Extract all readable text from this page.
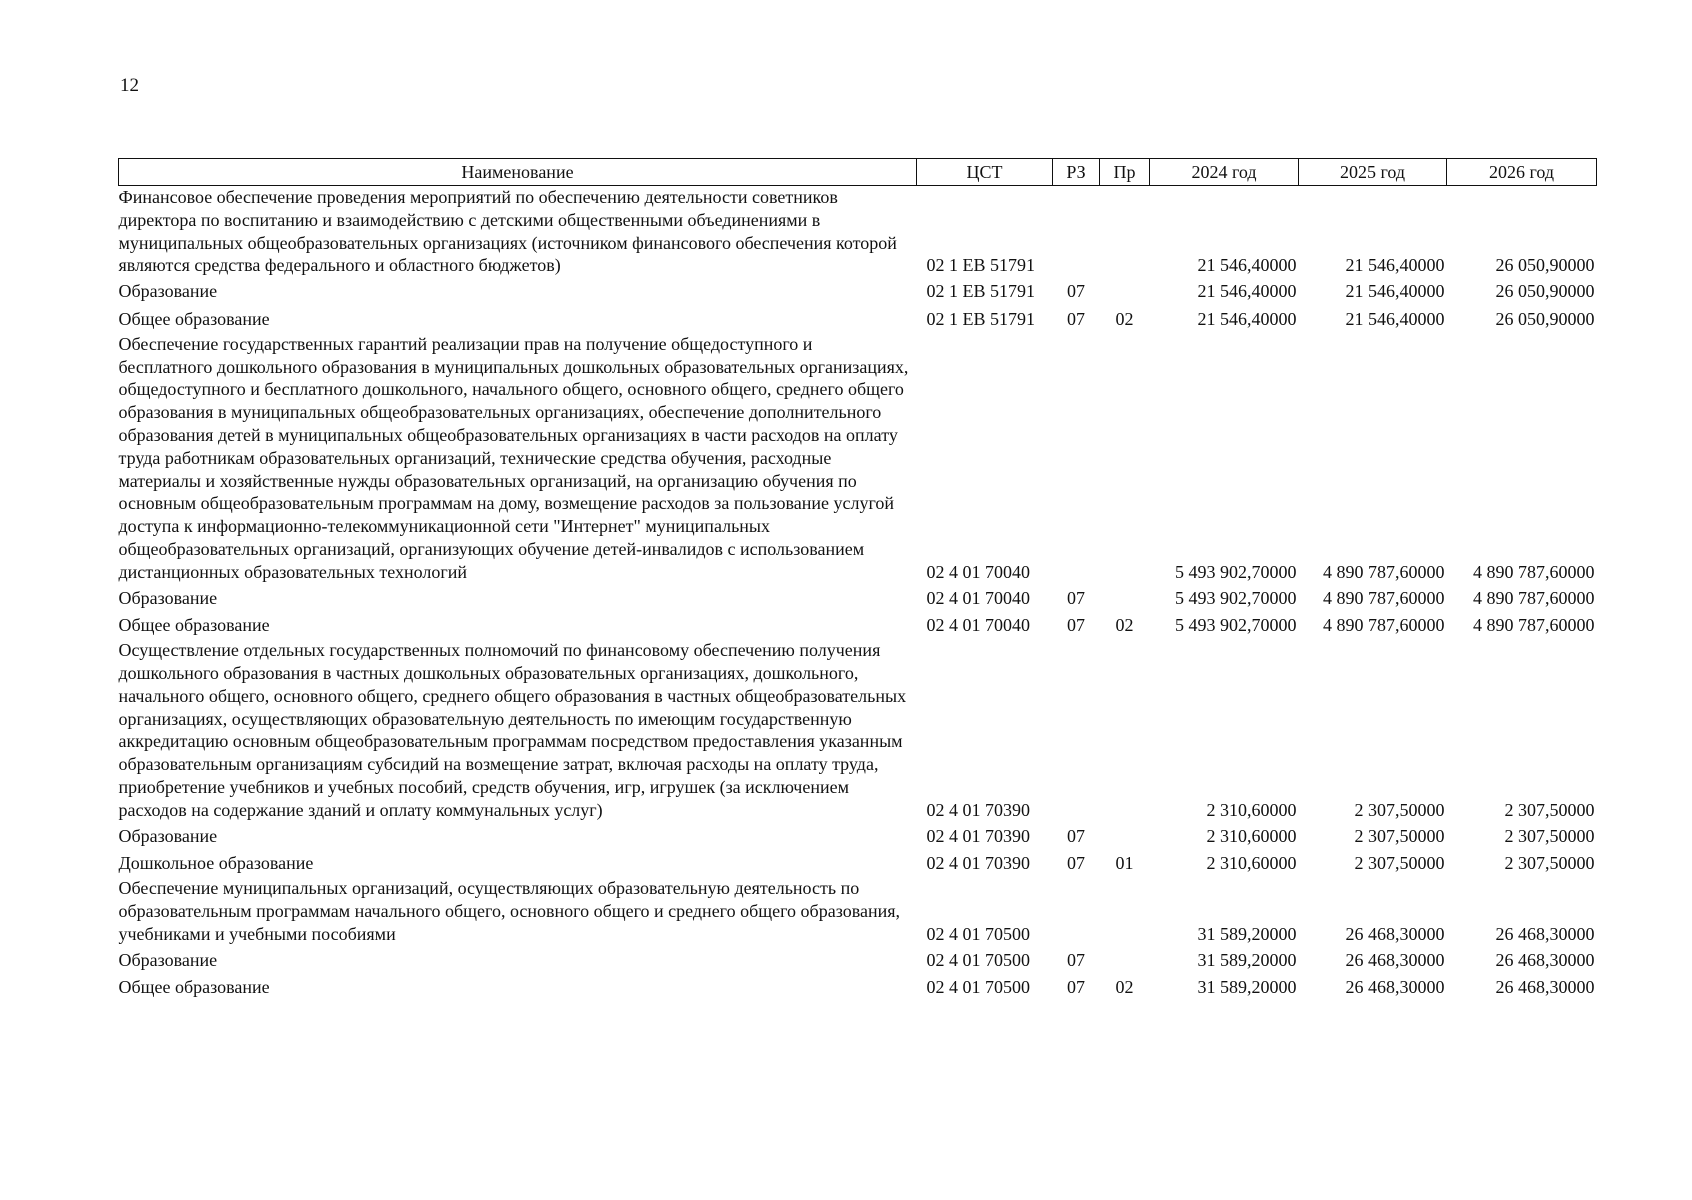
12
Наименование	ЦСТ	РЗ	Пр	2024 год	2025 год	2026 год
Финансовое обеспечение проведения мероприятий по обеспечению деятельности советников директора по воспитанию и взаимодействию с детскими общественными объединениями в муниципальных общеобразовательных организациях (источником финансового обеспечения которой являются средства федерального и областного бюджетов)	02 1 EB 51791			21 546,40000	21 546,40000	26 050,90000
Образование	02 1 EB 51791	07		21 546,40000	21 546,40000	26 050,90000
Общее образование	02 1 EB 51791	07	02	21 546,40000	21 546,40000	26 050,90000
Обеспечение государственных гарантий реализации прав на получение общедоступного и бесплатного дошкольного образования в муниципальных дошкольных образовательных организациях, общедоступного и бесплатного дошкольного, начального общего, основного общего, среднего общего образования в муниципальных общеобразовательных организациях, обеспечение дополнительного образования детей в муниципальных общеобразовательных организациях в части расходов на оплату труда работникам образовательных организаций, технические средства обучения, расходные материалы и хозяйственные нужды образовательных организаций, на организацию обучения по основным общеобразовательным программам на дому, возмещение расходов за пользование услугой доступа к информационно-телекоммуникационной сети "Интернет" муниципальных общеобразовательных организаций, организующих обучение детей-инвалидов с использованием дистанционных образовательных технологий	02 4 01 70040			5 493 902,70000	4 890 787,60000	4 890 787,60000
Образование	02 4 01 70040	07		5 493 902,70000	4 890 787,60000	4 890 787,60000
Общее образование	02 4 01 70040	07	02	5 493 902,70000	4 890 787,60000	4 890 787,60000
Осуществление отдельных государственных полномочий по финансовому обеспечению получения дошкольного образования в частных дошкольных образовательных организациях, дошкольного, начального общего, основного общего, среднего общего образования в частных общеобразовательных организациях, осуществляющих образовательную деятельность по имеющим государственную аккредитацию основным общеобразовательным программам посредством предоставления указанным образовательным организациям субсидий на возмещение затрат, включая расходы на оплату труда, приобретение учебников и учебных пособий, средств обучения, игр, игрушек (за исключением расходов на содержание зданий и оплату коммунальных услуг)	02 4 01 70390			2 310,60000	2 307,50000	2 307,50000
Образование	02 4 01 70390	07		2 310,60000	2 307,50000	2 307,50000
Дошкольное образование	02 4 01 70390	07	01	2 310,60000	2 307,50000	2 307,50000
Обеспечение муниципальных организаций, осуществляющих образовательную деятельность по образовательным программам начального общего, основного общего и среднего общего образования, учебниками и учебными пособиями	02 4 01 70500			31 589,20000	26 468,30000	26 468,30000
Образование	02 4 01 70500	07		31 589,20000	26 468,30000	26 468,30000
Общее образование	02 4 01 70500	07	02	31 589,20000	26 468,30000	26 468,30000
